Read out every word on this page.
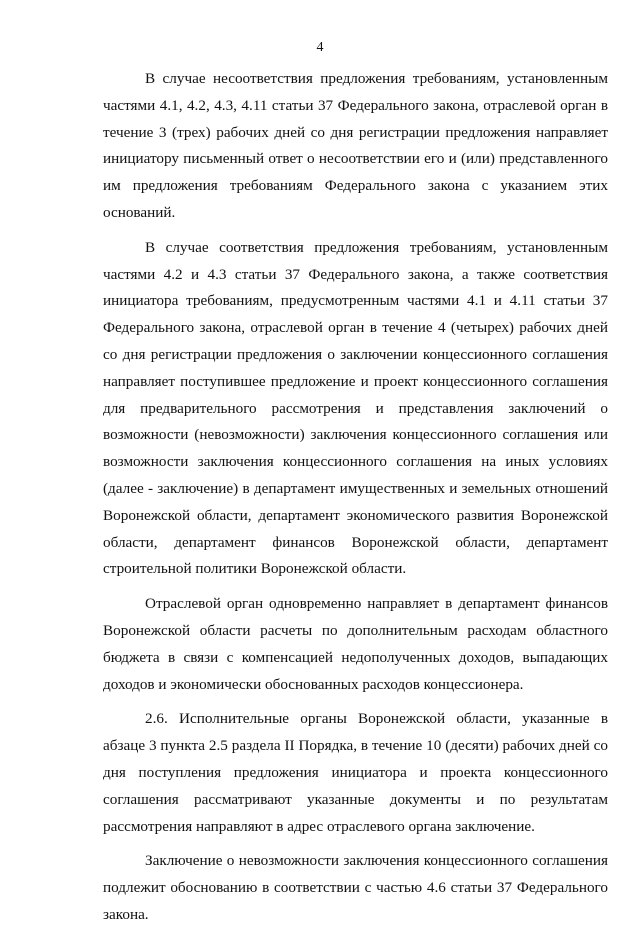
4

В случае несоответствия предложения требованиям, установленным частями 4.1, 4.2, 4.3, 4.11 статьи 37 Федерального закона, отраслевой орган в течение 3 (трех) рабочих дней со дня регистрации предложения направляет инициатору письменный ответ о несоответствии его и (или) представленного им предложения требованиям Федерального закона с указанием этих оснований.

В случае соответствия предложения требованиям, установленным частями 4.2 и 4.3 статьи 37 Федерального закона, а также соответствия инициатора требованиям, предусмотренным частями 4.1 и 4.11 статьи 37 Федерального закона, отраслевой орган в течение 4 (четырех) рабочих дней со дня регистрации предложения о заключении концессионного соглашения направляет поступившее предложение и проект концессионного соглашения для предварительного рассмотрения и представления заключений о возможности (невозможности) заключения концессионного соглашения или возможности заключения концессионного соглашения на иных условиях (далее - заключение) в департамент имущественных и земельных отношений Воронежской области, департамент экономического развития Воронежской области, департамент финансов Воронежской области, департамент строительной политики Воронежской области.

Отраслевой орган одновременно направляет в департамент финансов Воронежской области расчеты по дополнительным расходам областного бюджета в связи с компенсацией недополученных доходов, выпадающих доходов и экономически обоснованных расходов концессионера.

2.6. Исполнительные органы Воронежской области, указанные в абзаце 3 пункта 2.5 раздела II Порядка, в течение 10 (десяти) рабочих дней со дня поступления предложения инициатора и проекта концессионного соглашения рассматривают указанные документы и по результатам рассмотрения направляют в адрес отраслевого органа заключение.

Заключение о невозможности заключения концессионного соглашения подлежит обоснованию в соответствии с частью 4.6 статьи 37 Федерального закона.
